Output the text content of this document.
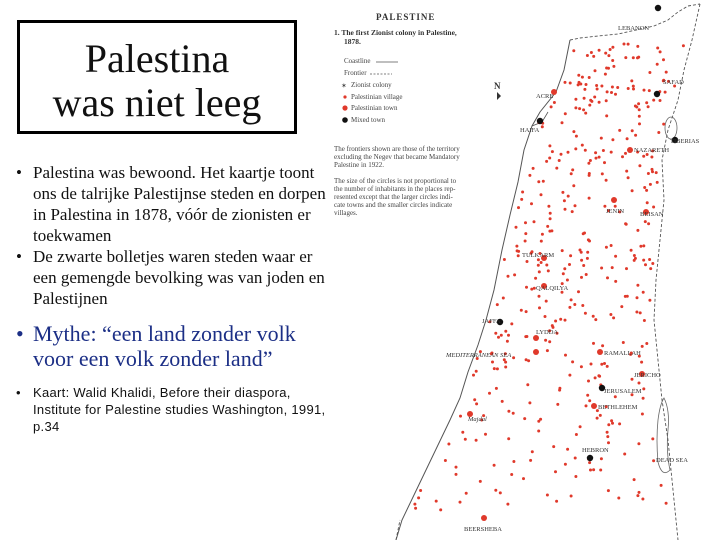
Palestina
was niet leeg
• Palestina was bewoond. Het kaartje toont ons de talrijke Palestijnse steden en dorpen in Palestina in 1878, vóór de zionisten er toekwamen
• De zwarte bolletjes waren steden waar er een gemengde bevolking was van joden en Palestijnen
• Mythe: “een land zonder volk voor een volk zonder land”
• Kaart: Walid Khalidi, Before their diaspora, Institute for Palestine studies Washington, 1991, p.34
PALESTINE
1. The first Zionist colony in Palestine,
1878.
Coastline
Frontier
✶ Zionist colony
Palestinian village
Palestinian town
Mixed town
The frontiers shown are those of the territory
excluding the Negev that became Mandatory
Palestine in 1922.
The size of the circles is not proportional to
the number of inhabitants in the places rep-
resented except that the larger circles indi-
cate towns and the smaller circles indicate
villages.
N
LEBANON
ACRE
HAIFA
SAFAD
TIBERIAS
NAZARETH
JENIN BEISAN
TULKARM
QALQILYA
JAFFA
LYDDA
MEDITERRANEAN SEA	RAMALLAH
JERICHO
JERUSALEM
BETHLEHEM
Majdal
HEBRON
DEAD SEA
BEERSHEBA
